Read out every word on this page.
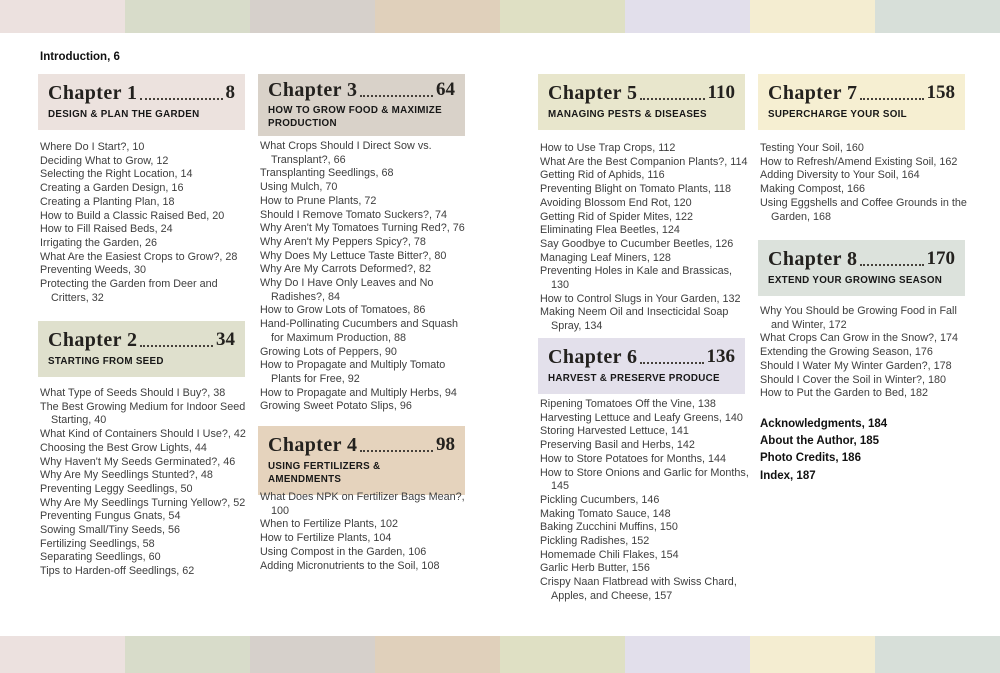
Introduction, 6
Chapter 1	8
DESIGN & PLAN THE GARDEN
Where Do I Start?, 10
Deciding What to Grow, 12
Selecting the Right Location, 14
Creating a Garden Design, 16
Creating a Planting Plan, 18
How to Build a Classic Raised Bed, 20
How to Fill Raised Beds, 24
Irrigating the Garden, 26
What Are the Easiest Crops to Grow?, 28
Preventing Weeds, 30
Protecting the Garden from Deer and Critters, 32
Chapter 2	34
STARTING FROM SEED
What Type of Seeds Should I Buy?, 38
The Best Growing Medium for Indoor Seed Starting, 40
What Kind of Containers Should I Use?, 42
Choosing the Best Grow Lights, 44
Why Haven't My Seeds Germinated?, 46
Why Are My Seedlings Stunted?, 48
Preventing Leggy Seedlings, 50
Why Are My Seedlings Turning Yellow?, 52
Preventing Fungus Gnats, 54
Sowing Small/Tiny Seeds, 56
Fertilizing Seedlings, 58
Separating Seedlings, 60
Tips to Harden-off Seedlings, 62
Chapter 3	64
HOW TO GROW FOOD & MAXIMIZE PRODUCTION
What Crops Should I Direct Sow vs. Transplant?, 66
Transplanting Seedlings, 68
Using Mulch, 70
How to Prune Plants, 72
Should I Remove Tomato Suckers?, 74
Why Aren't My Tomatoes Turning Red?, 76
Why Aren't My Peppers Spicy?, 78
Why Does My Lettuce Taste Bitter?, 80
Why Are My Carrots Deformed?, 82
Why Do I Have Only Leaves and No Radishes?, 84
How to Grow Lots of Tomatoes, 86
Hand-Pollinating Cucumbers and Squash for Maximum Production, 88
Growing Lots of Peppers, 90
How to Propagate and Multiply Tomato Plants for Free, 92
How to Propagate and Multiply Herbs, 94
Growing Sweet Potato Slips, 96
Chapter 4	98
USING FERTILIZERS & AMENDMENTS
What Does NPK on Fertilizer Bags Mean?, 100
When to Fertilize Plants, 102
How to Fertilize Plants, 104
Using Compost in the Garden, 106
Adding Micronutrients to the Soil, 108
Chapter 5	110
MANAGING PESTS & DISEASES
How to Use Trap Crops, 112
What Are the Best Companion Plants?, 114
Getting Rid of Aphids, 116
Preventing Blight on Tomato Plants, 118
Avoiding Blossom End Rot, 120
Getting Rid of Spider Mites, 122
Eliminating Flea Beetles, 124
Say Goodbye to Cucumber Beetles, 126
Managing Leaf Miners, 128
Preventing Holes in Kale and Brassicas, 130
How to Control Slugs in Your Garden, 132
Making Neem Oil and Insecticidal Soap Spray, 134
Chapter 6	136
HARVEST & PRESERVE PRODUCE
Ripening Tomatoes Off the Vine, 138
Harvesting Lettuce and Leafy Greens, 140
Storing Harvested Lettuce, 141
Preserving Basil and Herbs, 142
How to Store Potatoes for Months, 144
How to Store Onions and Garlic for Months, 145
Pickling Cucumbers, 146
Making Tomato Sauce, 148
Baking Zucchini Muffins, 150
Pickling Radishes, 152
Homemade Chili Flakes, 154
Garlic Herb Butter, 156
Crispy Naan Flatbread with Swiss Chard, Apples, and Cheese, 157
Chapter 7	158
SUPERCHARGE YOUR SOIL
Testing Your Soil, 160
How to Refresh/Amend Existing Soil, 162
Adding Diversity to Your Soil, 164
Making Compost, 166
Using Eggshells and Coffee Grounds in the Garden, 168
Chapter 8	170
EXTEND YOUR GROWING SEASON
Why You Should be Growing Food in Fall and Winter, 172
What Crops Can Grow in the Snow?, 174
Extending the Growing Season, 176
Should I Water My Winter Garden?, 178
Should I Cover the Soil in Winter?, 180
How to Put the Garden to Bed, 182
Acknowledgments, 184
About the Author, 185
Photo Credits, 186
Index, 187
